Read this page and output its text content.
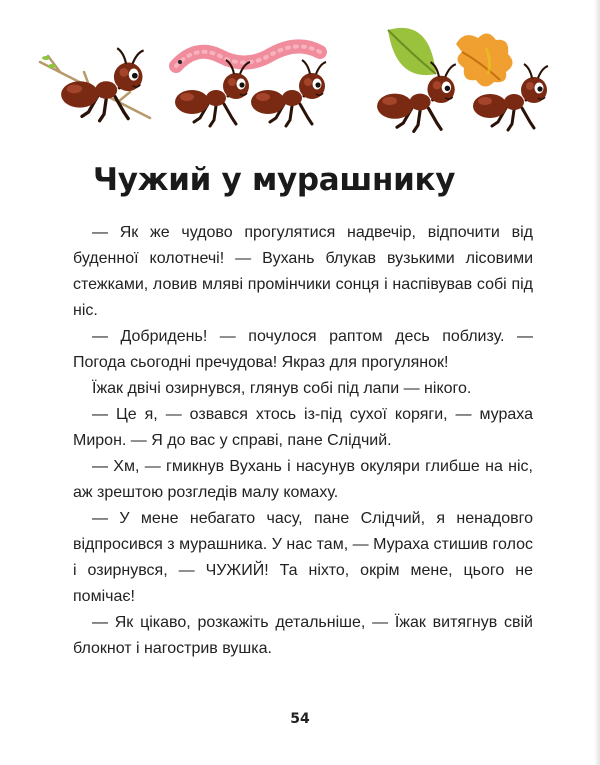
Чужий у мурашнику

— Як же чудово прогулятися надвечір, відпочити від буденної колотнечі! — Вухань блукав вузькими лісовими стежками, ловив мляві промінчики сонця і наспівував собі під ніс.

— Добридень! — почулося раптом десь поблизу. — Погода сьогодні пречудова! Якраз для прогулянок!

Їжак двічі озирнувся, глянув собі під лапи — нікого.

— Це я, — озвався хтось із-під сухої коряги, — мураха Мирон. — Я до вас у справі, пане Слідчий.

— Хм, — гмикнув Вухань і насунув окуляри глибше на ніс, аж зрештою розгледів малу комаху.

— У мене небагато часу, пане Слідчий, я ненадовго відпросився з мурашника. У нас там, — Мураха стишив голос і озирнувся, — ЧУЖИЙ! Та ніхто, окрім мене, цього не помічає!

— Як цікаво, розкажіть детальніше, — Їжак витягнув свій блокнот і нагострив вушка.

54
